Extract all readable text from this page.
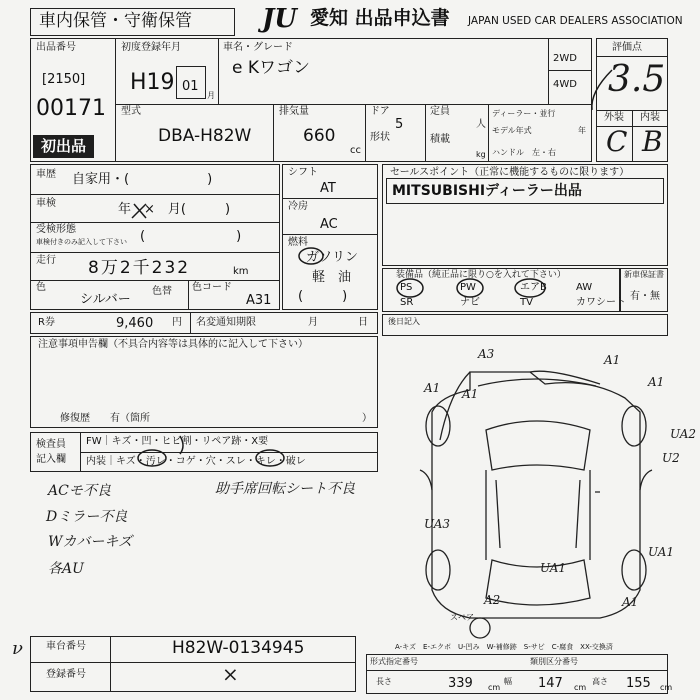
車内保管・守衛保管	JU 愛知 出品申込書 JAPAN USED CAR DEALERS ASSOCIATION
出品番号
[2150]
00171
初出品
初度登録年月
H19 01
月
車名・グレード
e Kワゴン	2WD
4WD
型式
DBA-H82W
排気量
660
cc
ドア
5
形状
定員
人
積載
kg
ディーラー・並行
モデル年式	年
ハンドル　左・右
評価点
3.5
外装 内装
C B
車歴 自家用・(　　　　　　)
車検	年　×　月(　　　)
受検形態
車検付きのみ記入して下さい (　　　　　　　)
走行 8万2千232	km
色
シルバー
色替 色コード
A31
シフト
AT
冷房
AC
燃料
ガソリン
軽　油
(　　　)
セールスポイント（正常に機能するものに限ります）
MITSUBISHIディーラー出品
装備品（純正品に限り○を入れて下さい）
PS	PW	エアB	AW
SR	ナビ	TV	カワシート
新車保証書
有・無
R券	9,460 円 名変通知期限	月	日	後日記入
注意事項申告欄（不具合内容等は具体的に記入して下さい）
修復歴　　有（箇所	）
検査員記入欄
FW｜キズ・凹・ヒビ割・リペア跡・X要
内装｜キズ・汚レ・コゲ・穴・スレ・キレ・破レ
ACモ不良
Dミラー不良
Wカバーキズ
各AU
助手席回転シート不良
A3	A1
A1	A1
A1
UA2
U2
UA3
UA1
UA1
A2	A1
スペア
A-キズ　E-エクボ　U-凹み　W-補修跡　S-サビ　C-腐食　XX-交換済
車台番号	H82W-0134945
登録番号	×
ν
形式指定番号	類別区分番号
長さ	339 cm
幅 147 cm
高さ 155 cm
